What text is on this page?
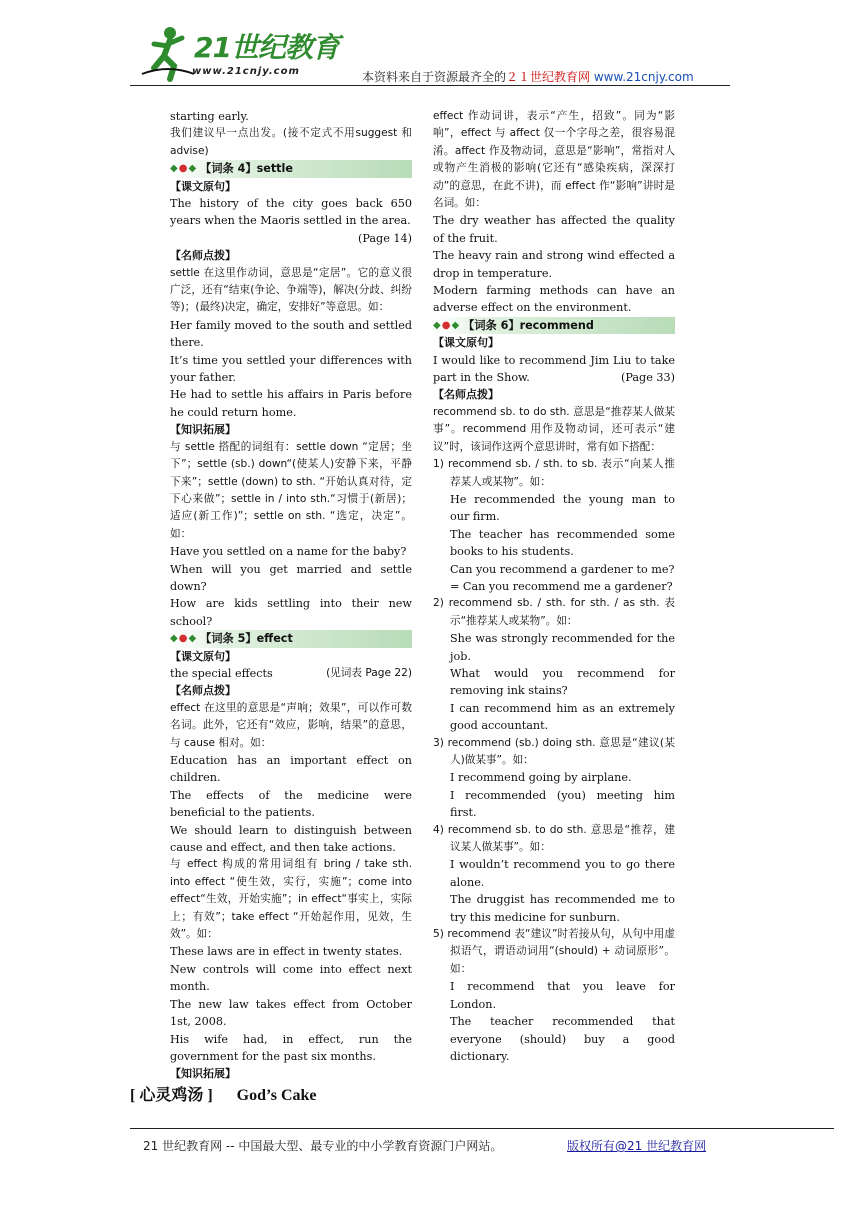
21世纪教育
www.21cnjy.com	本资料来自于资源最齐全的２１世纪教育网 www.21cnjy.com

starting early.

我们建议早一点出发。(接不定式不用suggest 和 advise)

◆●◆ 【词条 4】settle

【课文原句】

The history of the city goes back 650 years when the Maoris settled in the area.

(Page 14)

【名师点拨】

settle 在这里作动词，意思是“定居”。它的意义很广泛，还有“结束(争论、争端等)，解决(分歧、纠纷等)；(最终)决定，确定，安排好”等意思。如：

Her family moved to the south and settled there.

It’s time you settled your differences with your father.

He had to settle his affairs in Paris before he could return home.

【知识拓展】

与 settle 搭配的词组有：settle down “定居；坐下”；settle (sb.) down“(使某人)安静下来，平静下来”；settle (down) to sth. “开始认真对待，定下心来做”；settle in / into sth.“习惯于(新居)；适应(新工作)”；settle on sth. “选定，决定”。如：

Have you settled on a name for the baby?

When will you get married and settle down?

How are kids settling into their new school?

◆●◆ 【词条 5】effect

【课文原句】

the special effects	(见词表 Page 22)

【名师点拨】

effect 在这里的意思是“声响；效果”，可以作可数名词。此外，它还有“效应，影响，结果”的意思，与 cause 相对。如：

Education has an important effect on children.

The effects of the medicine were beneficial to the patients.

We should learn to distinguish between cause and effect, and then take actions.

与 effect 构成的常用词组有 bring / take sth. into effect “使生效，实行，实施”；come into effect“生效，开始实施”；in effect“事实上，实际上；有效”；take effect “开始起作用，见效，生效”。如：

These laws are in effect in twenty states.

New controls will come into effect next month.

The new law takes effect from October 1st, 2008.

His wife had, in effect, run the government for the past six months.

【知识拓展】

effect 作动词讲，表示“产生，招致”。同为“影响”，effect 与 affect 仅一个字母之差，很容易混淆。affect 作及物动词，意思是“影响”，常指对人或物产生消极的影响(它还有“感染疾病，深深打动”的意思，在此不讲)，而 effect 作“影响”讲时是名词。如：

The dry weather has affected the quality of the fruit.

The heavy rain and strong wind effected a drop in temperature.

Modern farming methods can have an adverse effect on the environment.

◆●◆ 【词条 6】recommend

【课文原句】

I would like to recommend Jim Liu to take part in the Show.	(Page 33)

【名师点拨】

recommend sb. to do sth. 意思是“推荐某人做某事”。recommend 用作及物动词，还可表示“建议”时，该词作这两个意思讲时，常有如下搭配：

1) recommend sb. / sth. to sb. 表示“向某人推荐某人或某物”。如：

He recommended the young man to our firm.

The teacher has recommended some books to his students.

Can you recommend a gardener to me?

= Can you recommend me a gardener?

2) recommend sb. / sth. for sth. / as sth. 表示“推荐某人或某物”。如：

She was strongly recommended for the job.

What would you recommend for removing ink stains?

I can recommend him as an extremely good accountant.

3) recommend (sb.) doing sth. 意思是“建议(某人)做某事”。如：

I recommend going by airplane.

I recommended (you) meeting him first.

4) recommend sb. to do sth. 意思是“推荐，建议某人做某事”。如：

I wouldn’t recommend you to go there alone.

The druggist has recommended me to try this medicine for sunburn.

5) recommend 表“建议”时若接从句，从句中用虚拟语气，谓语动词用“(should) + 动词原形”。如：

I recommend that you leave for London.

The teacher recommended that everyone (should) buy a good dictionary.

[ 心灵鸡汤 ] God’s Cake
21 世纪教育网 -- 中国最大型、最专业的中小学教育资源门户网站。	版权所有@21 世纪教育网
